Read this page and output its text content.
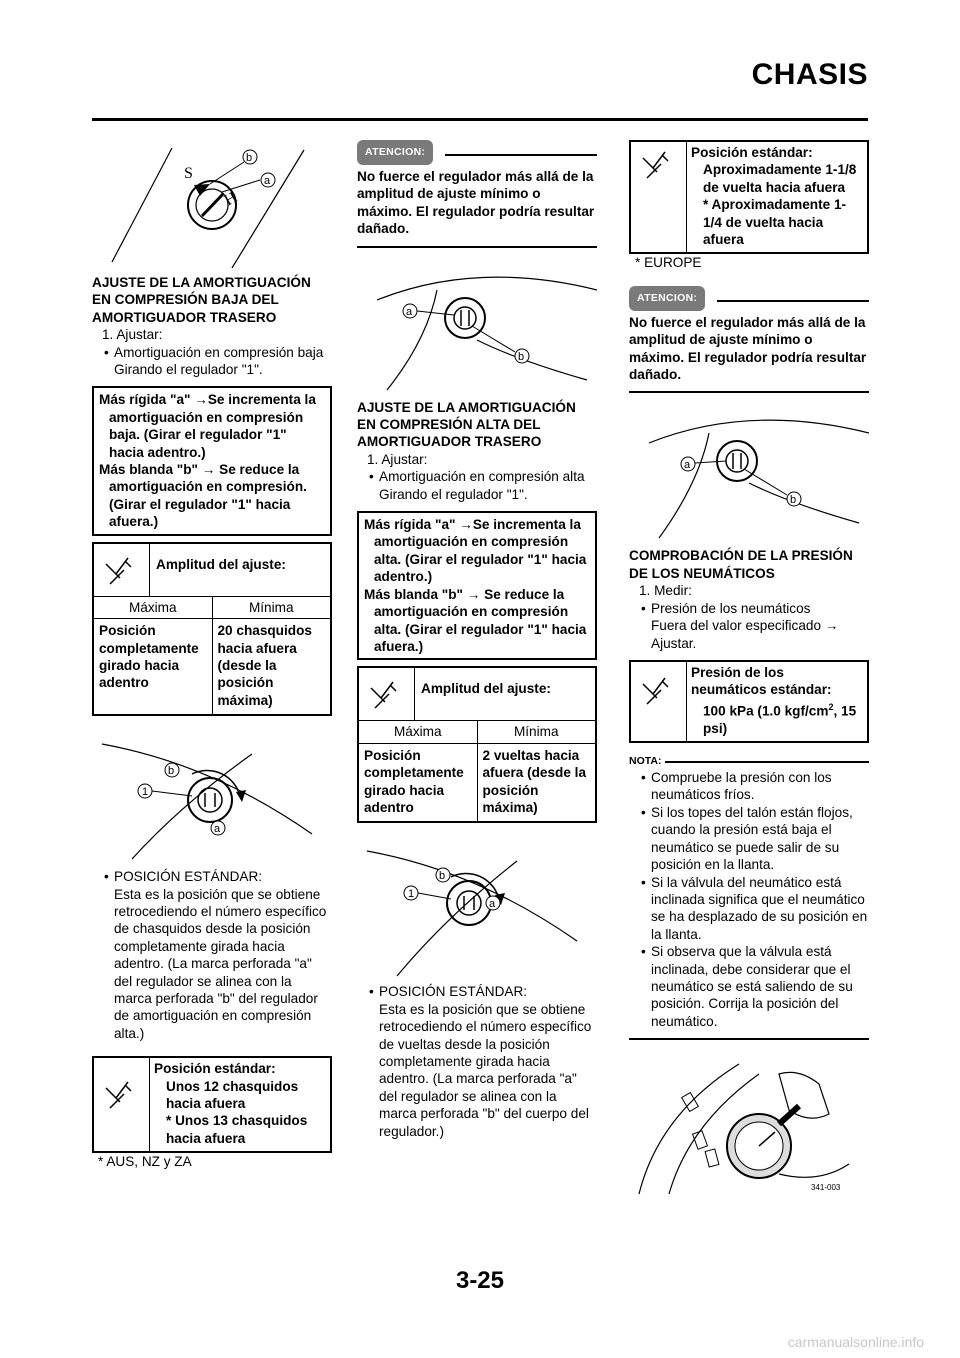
CHASIS
S
H
b
a
AJUSTE DE LA AMORTIGUACIÓN EN COMPRESIÓN BAJA DEL AMORTIGUADOR TRASERO
1. Ajustar:
• Amortiguación en compresión baja
Girando el regulador "1".
Más rígida "a" →Se incrementa la amortiguación en compresión baja. (Girar el regulador "1" hacia adentro.)
Más blanda "b" → Se reduce la amortiguación en compresión. (Girar el regulador "1" hacia afuera.)
Amplitud del ajuste:
Máxima	Mínima
Posición completamente girado hacia adentro
20 chasquidos hacia afuera (desde la posición máxima)
b
1
a
• POSICIÓN ESTÁNDAR:
Esta es la posición que se obtiene retrocediendo el número específico de chasquidos desde la posición completamente girada hacia adentro. (La marca perforada "a" del regulador se alinea con la marca perforada "b" del regulador de amortiguación en compresión alta.)
Posición estándar:
Unos 12 chasquidos hacia afuera
* Unos 13 chasquidos hacia afuera
* AUS, NZ y ZA
ATENCION:
No fuerce el regulador más allá de la amplitud de ajuste mínimo o máximo. El regulador podría resultar dañado.
a
b
AJUSTE DE LA AMORTIGUACIÓN EN COMPRESIÓN ALTA DEL AMORTIGUADOR TRASERO
1. Ajustar:
• Amortiguación en compresión alta
Girando el regulador "1".
Más rígida "a" →Se incrementa la amortiguación en compresión alta. (Girar el regulador "1" hacia adentro.)
Más blanda "b" → Se reduce la amortiguación en compresión alta. (Girar el regulador "1" hacia afuera.)
Amplitud del ajuste:
Máxima	Mínima
Posición completamente girado hacia adentro
2 vueltas hacia afuera (desde la posición máxima)
b
1
a
• POSICIÓN ESTÁNDAR:
Esta es la posición que se obtiene retrocediendo el número específico de vueltas desde la posición completamente girada hacia adentro. (La marca perforada "a" del regulador se alinea con la marca perforada "b" del cuerpo del regulador.)
Posición estándar:
Aproximadamente 1-1/8 de vuelta hacia afuera
* Aproximadamente 1-1/4 de vuelta hacia afuera
* EUROPE
ATENCION:
No fuerce el regulador más allá de la amplitud de ajuste mínimo o máximo. El regulador podría resultar dañado.
a
b
COMPROBACIÓN DE LA PRESIÓN DE LOS NEUMÁTICOS
1. Medir:
• Presión de los neumáticos
Fuera del valor especificado → Ajustar.
Presión de los neumáticos estándar:
100 kPa (1.0 kgf/$cm^2$, 15 psi)
NOTA:
• Compruebe la presión con los neumáticos fríos.
• Si los topes del talón están flojos, cuando la presión está baja el neumático se puede salir de su posición en la llanta.
• Si la válvula del neumático está inclinada significa que el neumático se ha desplazado de su posición en la llanta.
• Si observa que la válvula está inclinada, debe considerar que el neumático se está saliendo de su posición. Corrija la posición del neumático.
341-003
3-25
carmanualsonline.info
